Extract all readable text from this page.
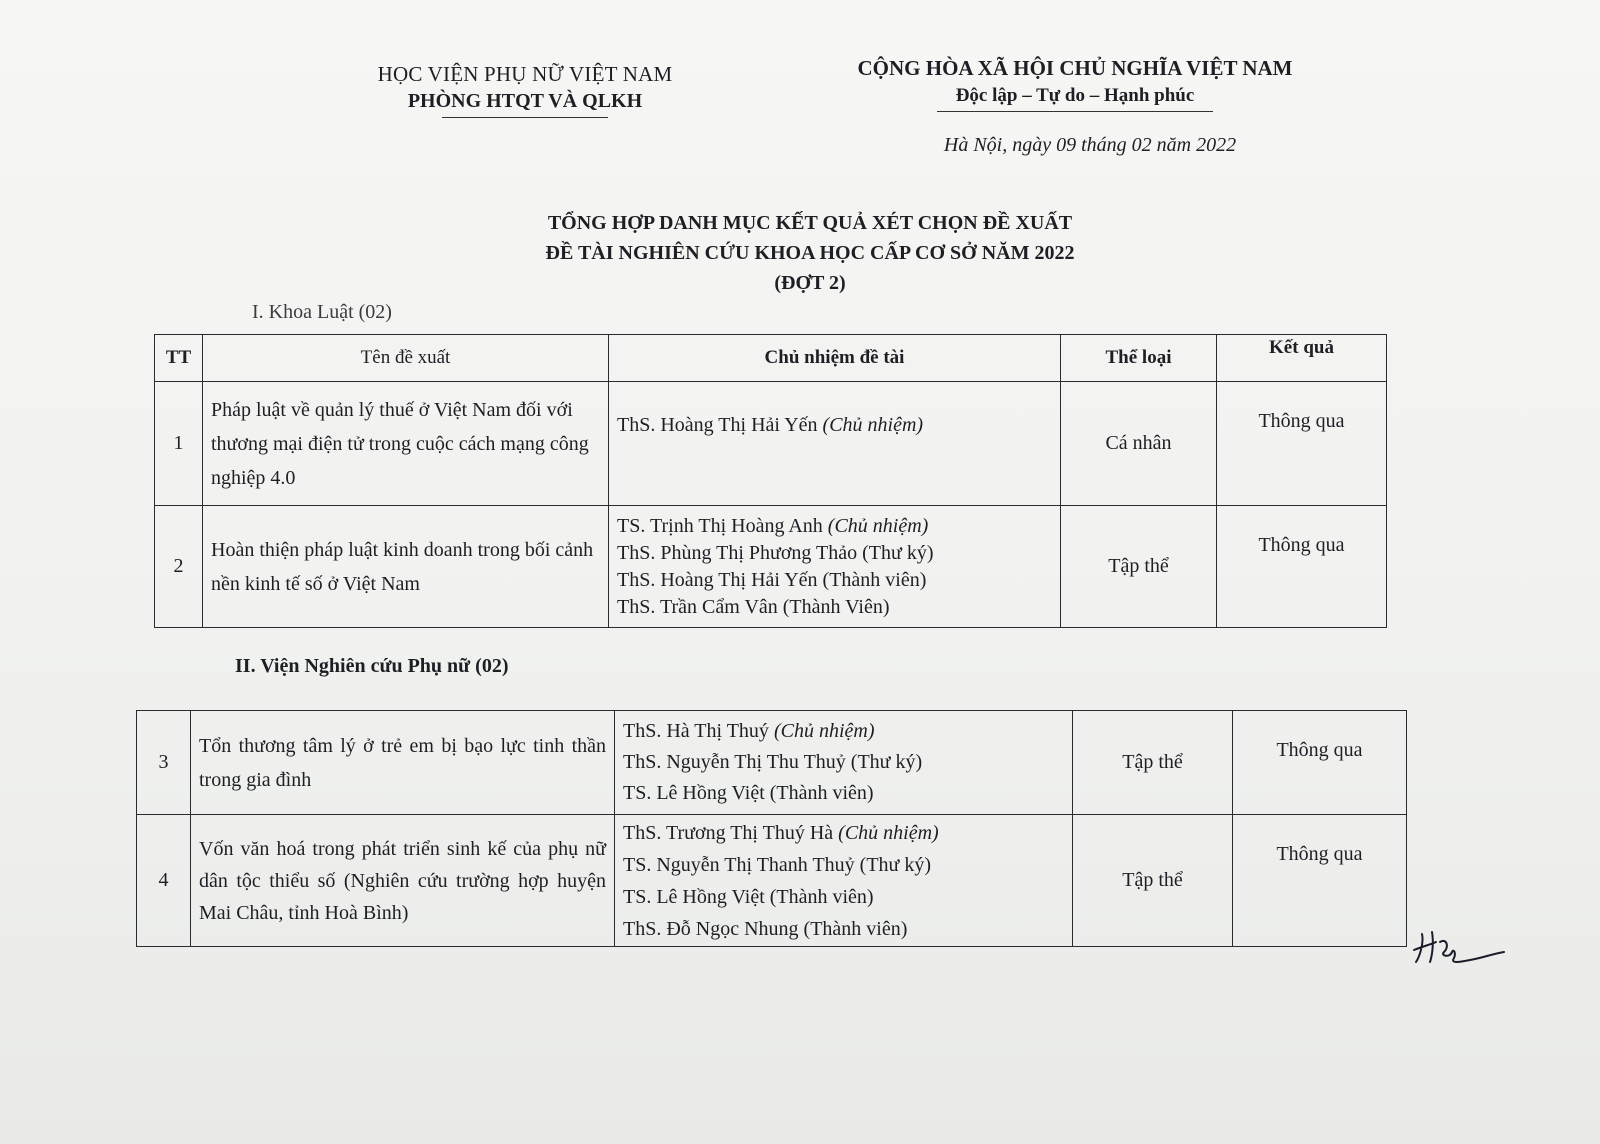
HỌC VIỆN PHỤ NỮ VIỆT NAM
PHÒNG HTQT VÀ QLKH
CỘNG HÒA XÃ HỘI CHỦ NGHĨA VIỆT NAM
Độc lập – Tự do – Hạnh phúc
Hà Nội, ngày 09 tháng 02 năm 2022
TỔNG HỢP DANH MỤC KẾT QUẢ XÉT CHỌN ĐỀ XUẤT
ĐỀ TÀI NGHIÊN CỨU KHOA HỌC CẤP CƠ SỞ NĂM 2022
(ĐỢT 2)
I. Khoa Luật (02)
TT	Tên đề xuất	Chủ nhiệm đề tài	Thể loại	Kết quả
1	Pháp luật về quản lý thuế ở Việt Nam đối với thương mại điện tử trong cuộc cách mạng công nghiệp 4.0	ThS. Hoàng Thị Hải Yến (Chủ nhiệm)	Cá nhân	Thông qua
2	Hoàn thiện pháp luật kinh doanh trong bối cảnh nền kinh tế số ở Việt Nam	TS. Trịnh Thị Hoàng Anh (Chủ nhiệm)
ThS. Phùng Thị Phương Thảo (Thư ký)
ThS. Hoàng Thị Hải Yến (Thành viên)
ThS. Trần Cẩm Vân (Thành Viên)	Tập thể	Thông qua
II. Viện Nghiên cứu Phụ nữ (02)
3	Tổn thương tâm lý ở trẻ em bị bạo lực tinh thần trong gia đình	ThS. Hà Thị Thuý (Chủ nhiệm)
ThS. Nguyễn Thị Thu Thuỷ (Thư ký)
TS. Lê Hồng Việt (Thành viên)	Tập thể	Thông qua
4	Vốn văn hoá trong phát triển sinh kế của phụ nữ dân tộc thiểu số (Nghiên cứu trường hợp huyện Mai Châu, tỉnh Hoà Bình)	ThS. Trương Thị Thuý Hà (Chủ nhiệm)
TS. Nguyễn Thị Thanh Thuỷ (Thư ký)
TS. Lê Hồng Việt (Thành viên)
ThS. Đỗ Ngọc Nhung (Thành viên)	Tập thể	Thông qua
